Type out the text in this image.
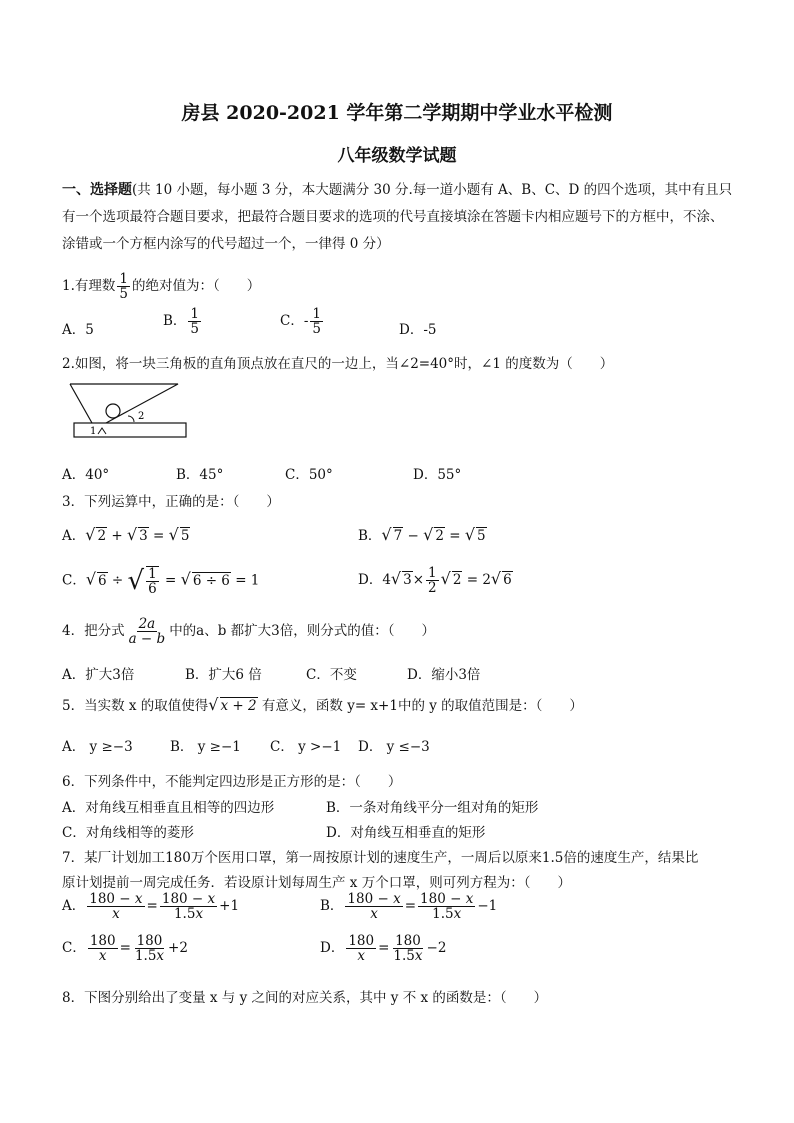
房县 2020-2021 学年第二学期期中学业水平检测
八年级数学试题
一、选择题(共 10 小题，每小题 3 分，本大题满分 30 分.每一道小题有 A、B、C、D 的四个选项，其中有且只有一个选项最符合题目要求，把最符合题目要求的选项的代号直接填涂在答题卡内相应题号下的方框中，不涂、涂错或一个方框内涂写的代号超过一个，一律得 0 分）
1.有理数 $\frac{1}{5}$ 的绝对值为：（　　）
A．5
B． $\frac{1}{5}$	C．- $\frac{1}{5}$	D．-5
2.如图，将一块三角板的直角顶点放在直尺的一边上，当∠2=40°时，∠1 的度数为（　　）
2
1
A．40°	B．45°	C．50°	D．55°
3．下列运算中，正确的是：（　　）
A．√ 2 + √ 3 = √ 5	B．√ 7 − √ 2 = √ 5
C．√ 6 ÷ √ $\frac{1}{6}$ = √ 6 ÷ 6 = 1	D．4√ $3\times \frac{1}{2}$ √ 2 = 2√ 6
4．把分式 $\frac{2a}{a - b}$ 中的a、b 都扩大3倍，则分式的值：（　　）
A．扩大3倍	B．扩大6 倍	C．不变	D．缩小3倍
5．当实数 x 的取值使得√ x + 2 有意义，函数 y= x+1中的 y 的取值范围是：（　　）
A． y ≥−3	B． y ≥−1 C． y >−1 D． y ≤−3
6．下列条件中，不能判定四边形是正方形的是：（　　）
A．对角线互相垂直且相等的四边形	B．一条对角线平分一组对角的矩形
C．对角线相等的菱形	D．对角线互相垂直的矩形
7．某厂计划加工180万个医用口罩，第一周按原计划的速度生产，一周后以原来1.5倍的速度生产，结果比
原计划提前一周完成任务．若设原计划每周生产 x 万个口罩，则可列方程为：（　　）
A． $\frac{180 - x}{x} = \frac{180 - x}{1.5x} +1$	B． $\frac{180 - x}{x} = \frac{180 - x}{1.5x} -1$
C． $\frac{180}{x} = \frac{180}{1.5x} +2$	D． $\frac{180}{x} = \frac{180}{1.5x} -2$
8．下图分别给出了变量 x 与 y 之间的对应关系，其中 y 不 x 的函数是：（　　）
